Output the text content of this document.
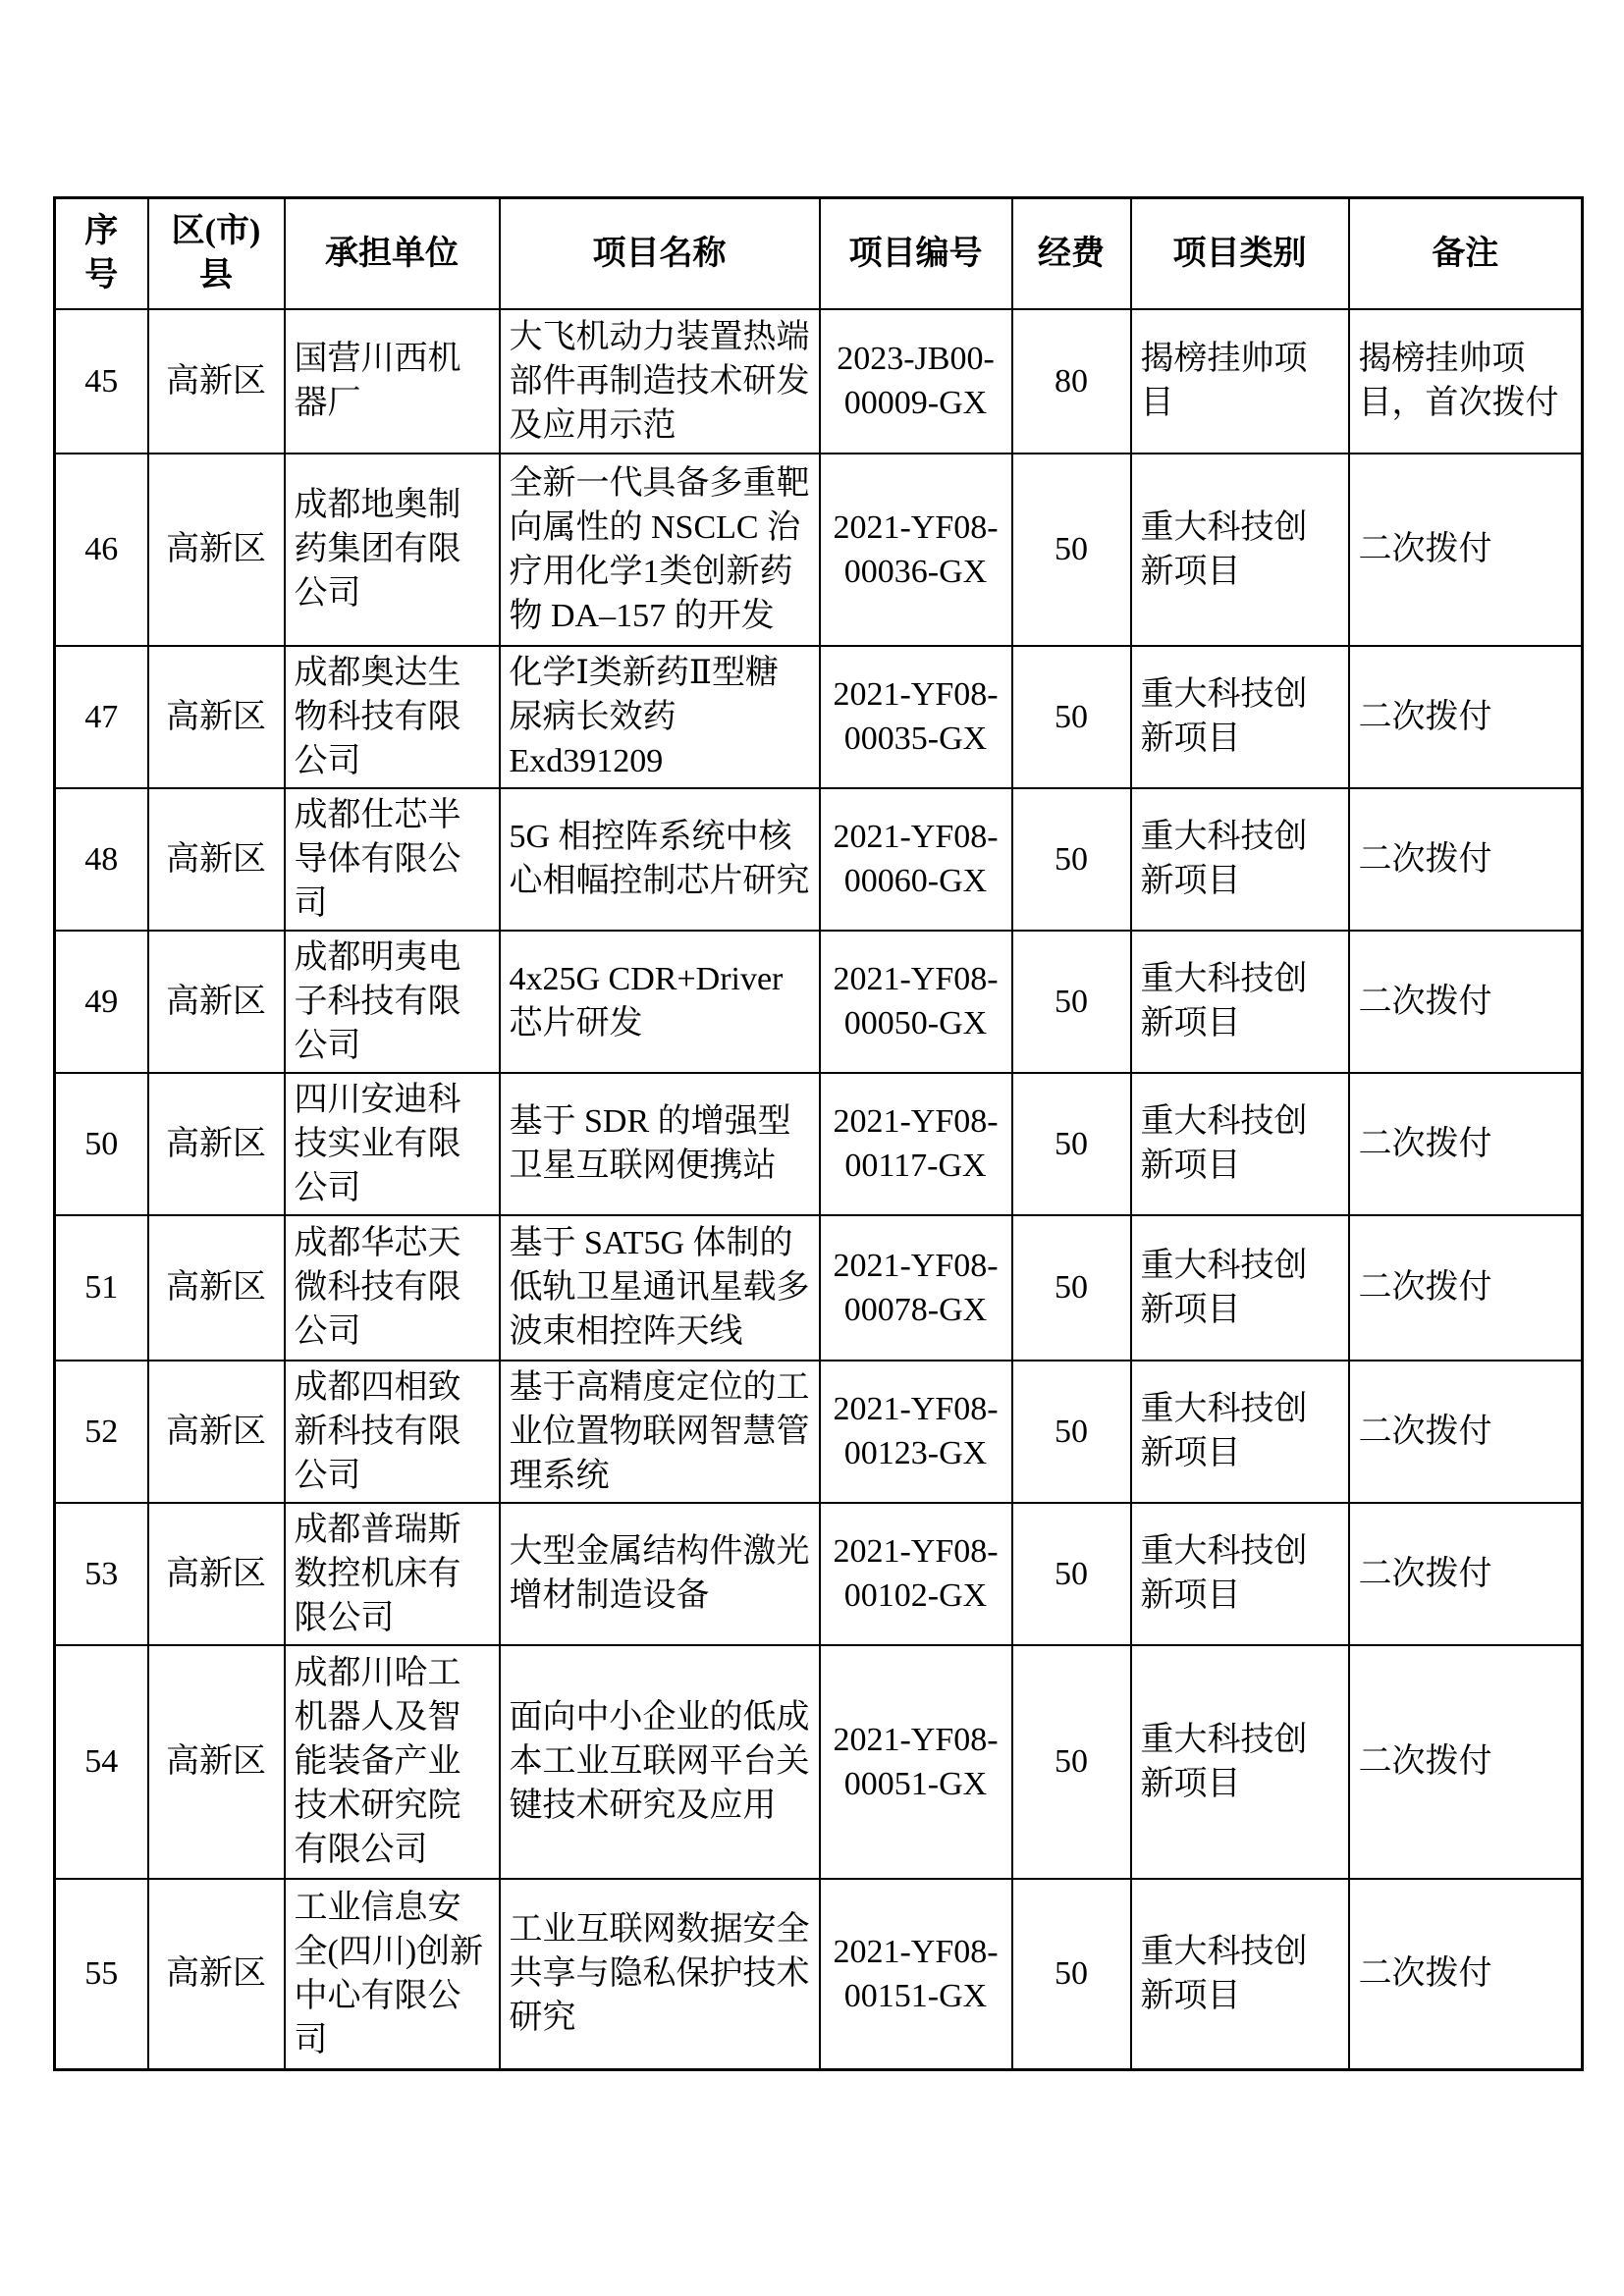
序号	区(市)县	承担单位	项目名称	项目编号	经费	项目类别	备注
45	高新区	国营川西机器厂	大飞机动力装置热端部件再制造技术研发及应用示范	2023-JB00-00009-GX	80	揭榜挂帅项目	揭榜挂帅项目，首次拨付
46	高新区	成都地奥制药集团有限公司	全新一代具备多重靶向属性的 NSCLC 治疗用化学1类创新药物 DA–157 的开发	2021-YF08-00036-GX	50	重大科技创新项目	二次拨付
47	高新区	成都奥达生物科技有限公司	化学Ⅰ类新药Ⅱ型糖尿病长效药 Exd391209	2021-YF08-00035-GX	50	重大科技创新项目	二次拨付
48	高新区	成都仕芯半导体有限公司	5G 相控阵系统中核心相幅控制芯片研究	2021-YF08-00060-GX	50	重大科技创新项目	二次拨付
49	高新区	成都明夷电子科技有限公司	4x25G CDR+Driver 芯片研发	2021-YF08-00050-GX	50	重大科技创新项目	二次拨付
50	高新区	四川安迪科技实业有限公司	基于 SDR 的增强型卫星互联网便携站	2021-YF08-00117-GX	50	重大科技创新项目	二次拨付
51	高新区	成都华芯天微科技有限公司	基于 SAT5G 体制的低轨卫星通讯星载多波束相控阵天线	2021-YF08-00078-GX	50	重大科技创新项目	二次拨付
52	高新区	成都四相致新科技有限公司	基于高精度定位的工业位置物联网智慧管理系统	2021-YF08-00123-GX	50	重大科技创新项目	二次拨付
53	高新区	成都普瑞斯数控机床有限公司	大型金属结构件激光增材制造设备	2021-YF08-00102-GX	50	重大科技创新项目	二次拨付
54	高新区	成都川哈工机器人及智能装备产业技术研究院有限公司	面向中小企业的低成本工业互联网平台关键技术研究及应用	2021-YF08-00051-GX	50	重大科技创新项目	二次拨付
55	高新区	工业信息安全(四川)创新中心有限公司	工业互联网数据安全共享与隐私保护技术研究	2021-YF08-00151-GX	50	重大科技创新项目	二次拨付
